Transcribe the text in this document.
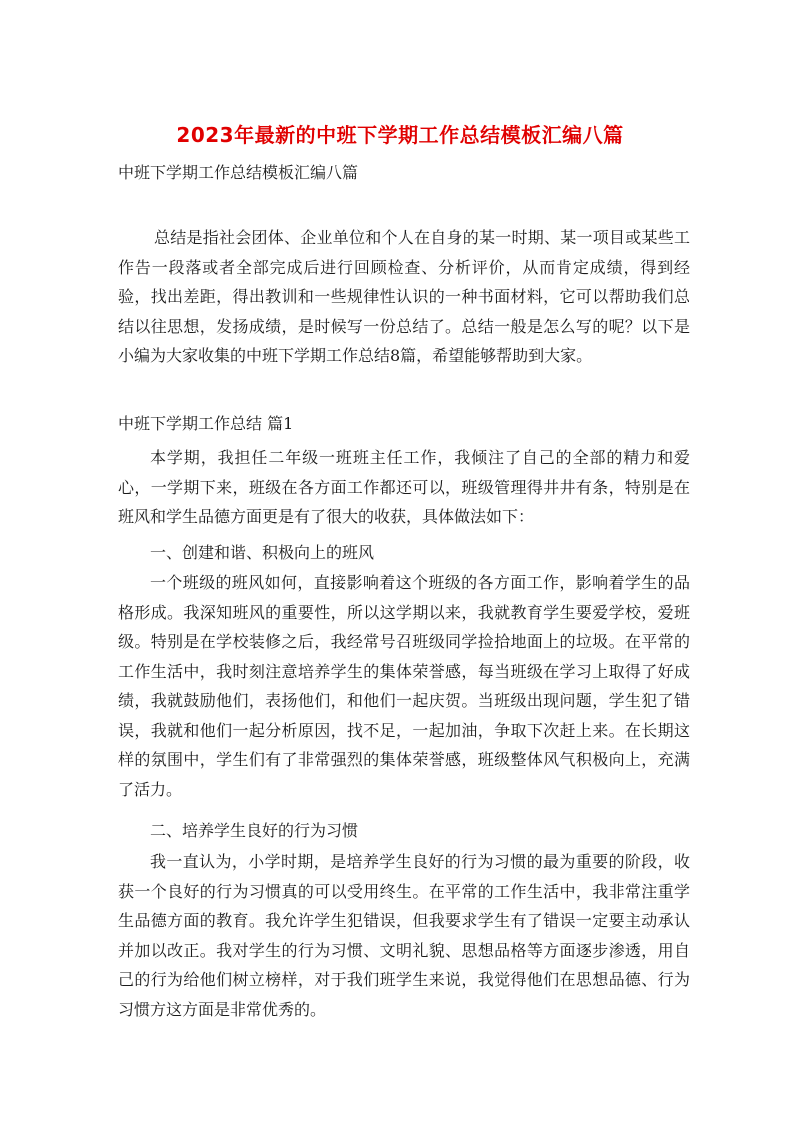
2023年最新的中班下学期工作总结模板汇编八篇
中班下学期工作总结模板汇编八篇
总结是指社会团体、企业单位和个人在自身的某一时期、某一项目或某些工作告一段落或者全部完成后进行回顾检查、分析评价，从而肯定成绩，得到经验，找出差距，得出教训和一些规律性认识的一种书面材料，它可以帮助我们总结以往思想，发扬成绩，是时候写一份总结了。总结一般是怎么写的呢？以下是小编为大家收集的中班下学期工作总结8篇，希望能够帮助到大家。
中班下学期工作总结 篇1
本学期，我担任二年级一班班主任工作，我倾注了自己的全部的精力和爱心，一学期下来，班级在各方面工作都还可以，班级管理得井井有条，特别是在班风和学生品德方面更是有了很大的收获，具体做法如下：
一、创建和谐、积极向上的班风
一个班级的班风如何，直接影响着这个班级的各方面工作，影响着学生的品格形成。我深知班风的重要性，所以这学期以来，我就教育学生要爱学校，爱班级。特别是在学校装修之后，我经常号召班级同学捡拾地面上的垃圾。在平常的工作生活中，我时刻注意培养学生的集体荣誉感，每当班级在学习上取得了好成绩，我就鼓励他们，表扬他们，和他们一起庆贺。当班级出现问题，学生犯了错误，我就和他们一起分析原因，找不足，一起加油，争取下次赶上来。在长期这样的氛围中，学生们有了非常强烈的集体荣誉感，班级整体风气积极向上，充满了活力。
二、培养学生良好的行为习惯
我一直认为，小学时期，是培养学生良好的行为习惯的最为重要的阶段，收获一个良好的行为习惯真的可以受用终生。在平常的工作生活中，我非常注重学生品德方面的教育。我允许学生犯错误，但我要求学生有了错误一定要主动承认并加以改正。我对学生的行为习惯、文明礼貌、思想品格等方面逐步渗透，用自己的行为给他们树立榜样，对于我们班学生来说，我觉得他们在思想品德、行为习惯方这方面是非常优秀的。
